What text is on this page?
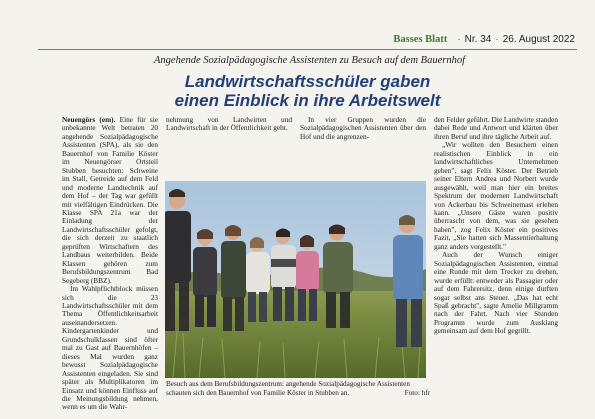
Basses Blatt · Nr. 34 · 26. August 2022
Angehende Sozialpädagogische Assistenten zu Besuch auf dem Bauernhof
Landwirtschaftsschüler gaben
einen Einblick in ihre Arbeitswelt

Neuengörs (em). Eine für sie unbekannte Welt betraten 20 angehende Sozialpädagogische Assistenten (SPA), als sie den Bauernhof von Familie Köster im Neuengörser Ortsteil Stubben besuchten: Schweine im Stall, Getreide auf dem Feld und moderne Landtechnik auf dem Hof – der Tag war gefüllt mit vielfältigen Eindrücken. Die Klasse SPA 21a war der Einladung der Landwirtschaftsschüler gefolgt, die sich derzeit zu staatlich geprüften Wirtschaftern des Landbaus weiterbilden. Beide Klassen gehören zum Berufsbildungszentrum Bad Segeberg (BBZ).

Im Wahlpflichtblock müssen sich die 23 Landwirtschaftsschüler mit dem Thema Öffentlichkeitsarbeit auseinandersetzen. Kindergartenkinder und Grundschulklassen sind öfter mal zu Gast auf Bauernhöfen – dieses Mal wurden ganz bewusst Sozialpädagogische Assistenten eingeladen. Sie sind später als Multiplikatoren im Einsatz und können Einfluss auf die Meinungsbildung nehmen, wenn es um die Wahr-

nehmung von Landwirten und Landwirtschaft in der Öffentlichkeit geht.

In vier Gruppen wurden die Sozialpädagogischen Assistenten über den Hof und die angrenzen-

den Felder geführt. Die Landwirte standen dabei Rede und Antwort und klärten über ihren Beruf und ihre tägliche Arbeit auf.

„Wir wollten den Besuchern einen realistischen Einblick in ein landwirtschaftliches Unternehmen geben", sagt Felix Köster. Der Betrieb seiner Eltern Andrea und Norbert wurde ausgewählt, weil man hier ein breites Spektrum der modernen Landwirtschaft von Ackerbau bis Schweinemast erleben kann. „Unsere Gäste waren positiv überrascht von dem, was sie gesehen haben", zog Felix Köster ein positives Fazit, „Sie hatten sich Massentierhaltung ganz anders vorgestellt."

Auch der Wunsch einiger Sozialpädagogischen Assistenten, einmal eine Runde mit dem Trecker zu drehen, wurde erfüllt: entweder als Passagier oder auf dem Fahrersitz, denn einige durften sogar selbst ans Steuer. „Das hat echt Spaß gebracht", sagte Amelie Millgramm nach der Fahrt. Nach vier Stunden Programm wurde zum Ausklang gemeinsam auf dem Hof gegrillt.

Besuch aus dem Berufsbildungszentrum: angehende Sozialpädagogische Assistenten schauten sich den Bauernhof von Familie Köster in Stubben an.	Foto: hfr
